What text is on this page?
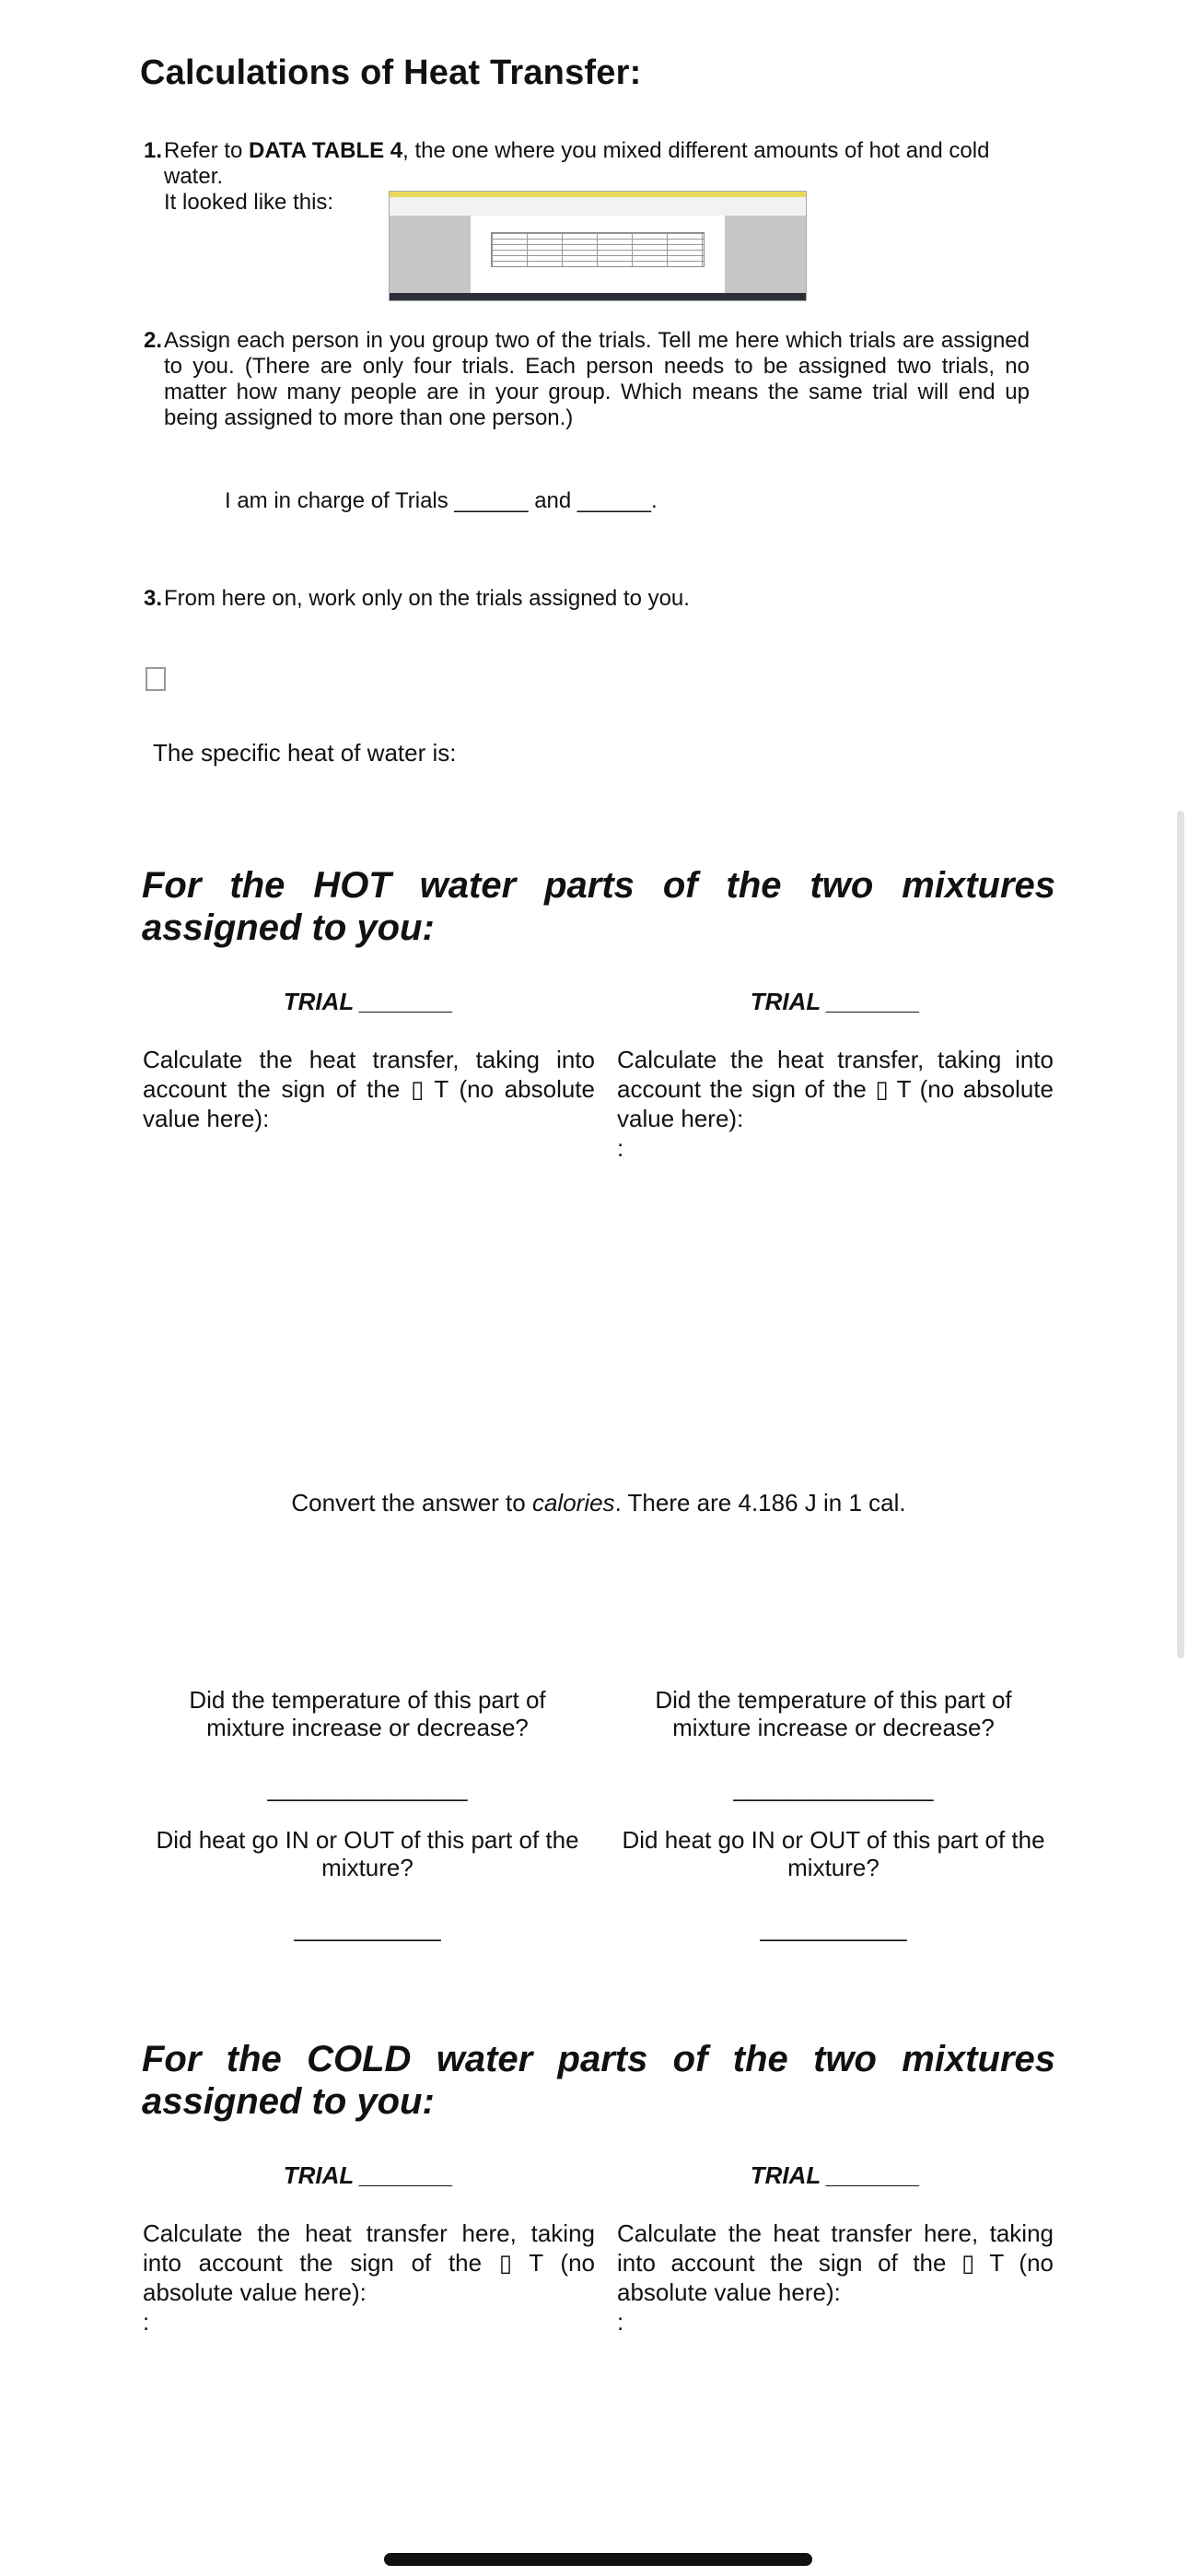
Calculations of Heat Transfer:
1. Refer to DATA TABLE 4, the one where you mixed different amounts of hot and cold water.
It looked like this:
2. Assign each person in you group two of the trials. Tell me here which trials are assigned to you. (There are only four trials. Each person needs to be assigned two trials, no matter how many people are in your group. Which means the same trial will end up being assigned to more than one person.)
I am in charge of Trials ______ and ______.
3. From here on, work only on the trials assigned to you.
The specific heat of water is:
For the HOT water parts of the two mixtures assigned to you:
TRIAL _______	TRIAL _______
Calculate the heat transfer, taking into account the sign of the ▯ T (no absolute value here):
Calculate the heat transfer, taking into account the sign of the ▯ T (no absolute value here):
:
Convert the answer to calories. There are 4.186 J in 1 cal.
Did the temperature of this part of mixture increase or decrease?
Did the temperature of this part of mixture increase or decrease?
_______________	_______________
Did heat go IN or OUT of this part of the mixture?
Did heat go IN or OUT of this part of the mixture?
___________	___________
For the COLD water parts of the two mixtures assigned to you:
TRIAL _______	TRIAL _______
Calculate the heat transfer here, taking into account the sign of the ▯ T (no absolute value here):
:
Calculate the heat transfer here, taking into account the sign of the ▯ T (no absolute value here):
:
